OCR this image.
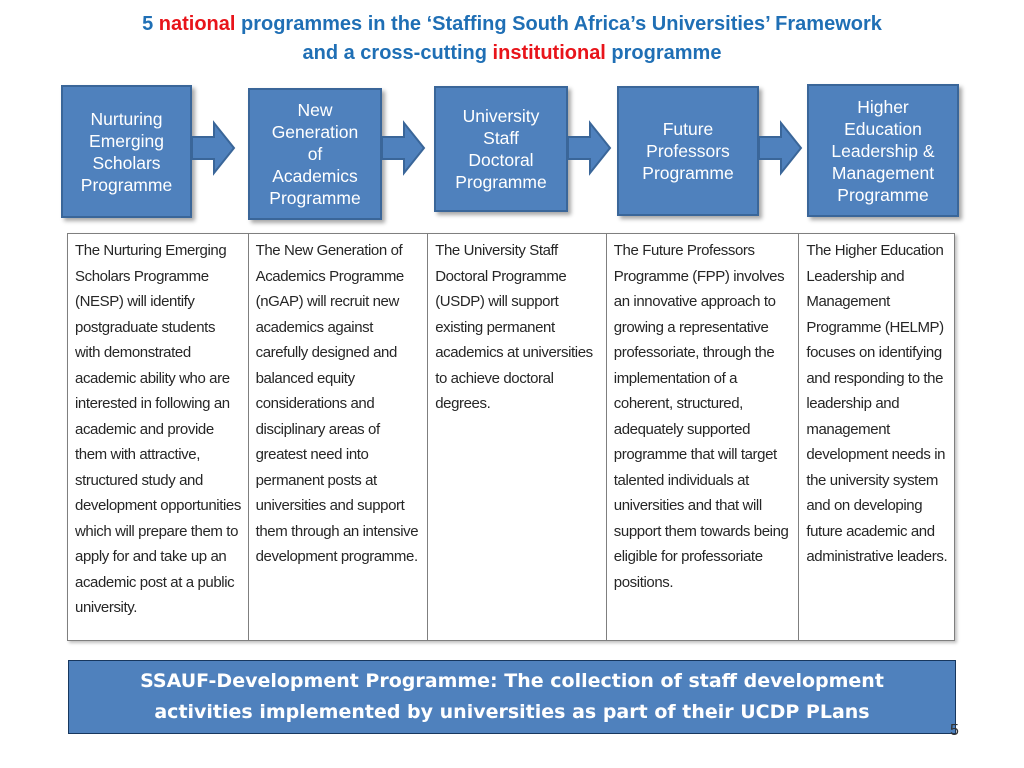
5 national programmes in the ‘Staffing South Africa’s Universities’ Framework
and a cross-cutting institutional programme
Nurturing
Emerging
Scholars
Programme
New
Generation
of
Academics
Programme
University
Staff
Doctoral
Programme
Future
Professors
Programme
Higher
Education
Leadership &
Management
Programme
The Nurturing Emerging Scholars Programme (NESP) will identify postgraduate students with demonstrated academic ability who are interested in following an academic and provide them with attractive, structured study and development opportunities which will prepare them to apply for and take up an academic post at a public university.
The New Generation of Academics Programme (nGAP) will recruit new academics against carefully designed and balanced equity considerations and disciplinary areas of greatest need into permanent posts at universities and support them through an intensive development programme.
The University Staff Doctoral Programme (USDP) will support existing permanent academics at universities to achieve doctoral degrees.
The Future Professors Programme (FPP) involves an innovative approach to growing a representative professoriate, through the implementation of a coherent, structured, adequately supported programme that will target talented individuals at universities and that will support them towards being eligible for professoriate positions.
The Higher Education Leadership and Management Programme (HELMP) focuses on identifying and responding to the leadership and management development needs in the university system and on developing future academic and administrative leaders.
SSAUF-Development Programme: The collection of staff development activities implemented by universities as part of their UCDP PLans
5
